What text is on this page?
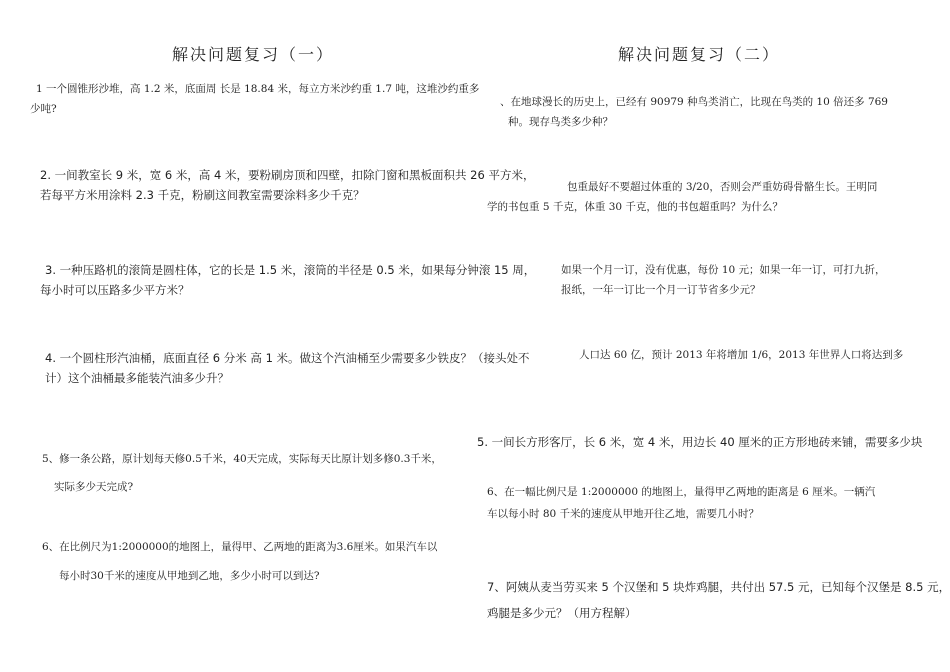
解决问题复习（一）
1 一个圆锥形沙堆，高 1.2 米，底面周 长是 18.84 米，每立方米沙约重 1.7 吨，这堆沙约重多
少吨?
2. 一间教室长 9 米，宽 6 米，高 4 米，要粉刷房顶和四壁，扣除门窗和黑板面积共 26 平方米，
若每平方米用涂料 2.3 千克，粉刷这间教室需要涂料多少千克？
3. 一种压路机的滚筒是圆柱体，它的长是 1.5 米，滚筒的半径是 0.5 米，如果每分钟滚 15 周，
每小时可以压路多少平方米？
4. 一个圆柱形汽油桶，底面直径 6 分米 高 1 米。做这个汽油桶至少需要多少铁皮？（接头处不
计）这个油桶最多能装汽油多少升？
5、修一条公路，原计划每天修0.5千米，40天完成，实际每天比原计划多修0.3千米，
实际多少天完成?
6、在比例尺为1:2000000的地图上，量得甲、乙两地的距离为3.6厘米。如果汽车以
每小时30千米的速度从甲地到乙地，多少小时可以到达?
解决问题复习（二）
、在地球漫长的历史上，已经有 90979 种鸟类消亡，比现在鸟类的 10 倍还多 769
种。现存鸟类多少种？
包重最好不要超过体重的 3/20，否则会严重妨碍骨骼生长。王明同
学的书包重 5 千克，体重 30 千克，他的书包超重吗？为什么？
如果一个月一订，没有优惠，每份 10 元；如果一年一订，可打九折，
报纸，一年一订比一个月一订节省多少元？
人口达 60 亿，预计 2013 年将增加 1/6，2013 年世界人口将达到多
5. 一间长方形客厅，长 6 米，宽 4 米，用边长 40 厘米的正方形地砖来铺，需要多少块
6、在一幅比例尺是 1:2000000 的地图上，量得甲乙两地的距离是 6 厘米。一辆汽
车以每小时 80 千米的速度从甲地开往乙地，需要几小时？
7、阿姨从麦当劳买来 5 个汉堡和 5 块炸鸡腿，共付出 57.5 元，已知每个汉堡是 8.5 元，
鸡腿是多少元？（用方程解）
